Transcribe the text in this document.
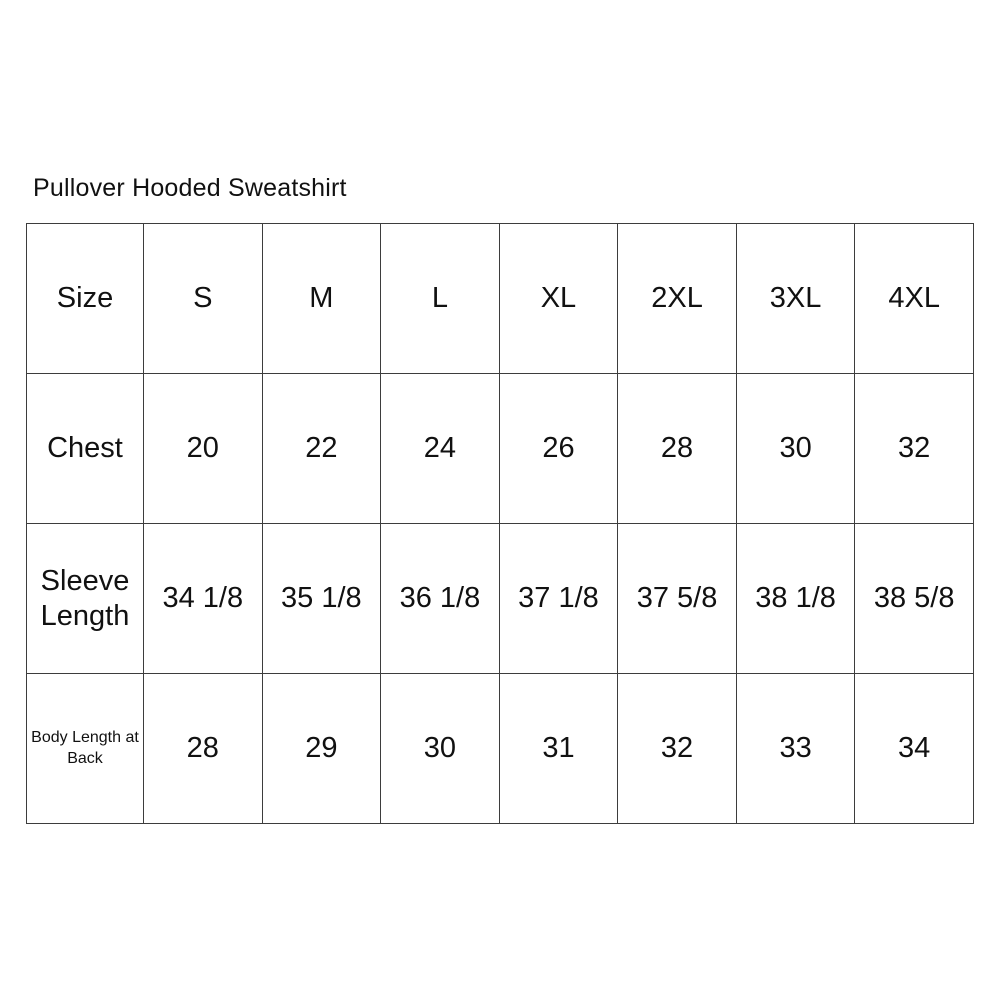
Pullover Hooded Sweatshirt
Size	S	M	L	XL	2XL	3XL	4XL
Chest	20	22	24	26	28	30	32
Sleeve Length	34 1/8	35 1/8	36 1/8	37 1/8	37 5/8	38 1/8	38 5/8
Body Length at Back	28	29	30	31	32	33	34
